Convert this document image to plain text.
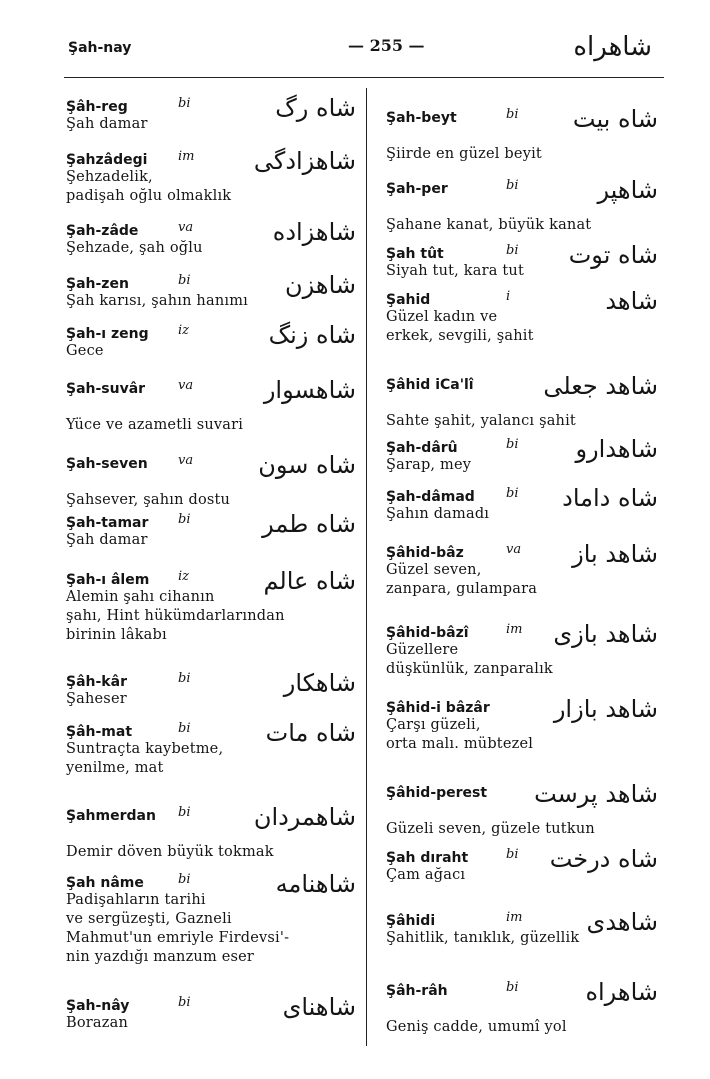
Şah-nay	— 255 —	شاهراه
Şâh-reg	bi	شاه رگ
Şah damar
Şahzâdegi im شاهزادگی
Şehzadelik,
padişah oğlu olmaklık
Şah-zâde	va	شاهزاده
Şehzade, şah oğlu
Şah-zen	bi	شاهزن
Şah karısı, şahın hanımı
Şah-ı zeng iz	شاه زنگ
Gece
Şah-suvâr	va	شاهسوار

Yüce ve azametli suvari
Şah-seven va	شاه سون

Şahsever, şahın dostu
Şah-tamar bi	شاه طمر
Şah damar
Şah-ı âlem iz	شاه عالم
Alemin şahı cihanın
şahı, Hint hükümdarlarından
birinin lâkabı
Şâh-kâr	bi	شاهکار
Şaheser
Şâh-mat	bi	شاه مات
Suntraçta kaybetme,
yenilme, mat
Şahmerdan bi	شاهمردان

Demir döven büyük tokmak
Şah nâme	bi	شاهنامه
Padişahların tarihi
ve sergüzeşti, Gazneli
Mahmut'un emriyle Firdevsi'-
nin yazdığı manzum eser
Şah-nây	bi	شاهنای
Borazan
Şah-beyt	bi شاه بیت

Şiirde en güzel beyit
Şah-per	bi	شاهپر

Şahane kanat, büyük kanat
Şah tût	bi شاه توت
Siyah tut, kara tut
Şahid	i	شاهد
Güzel kadın ve
erkek, sevgili, şahit
Şâhid iCa'lî	شاهد جعلی

Sahte şahit, yalancı şahit
Şah-dârû	bi شاهدارو
Şarap, mey
Şah-dâmad bi شاه داماد
Şahın damadı
Şâhid-bâz	va شاهد باز
Güzel seven,
zanpara, gulampara
Şâhid-bâzî	im شاهد بازی
Güzellere
düşkünlük, zanparalık
Şâhid-i bâzâr	شاهد بازار
Çarşı güzeli,
orta malı. mübtezel
Şâhid-perest شاهد پرست

Güzeli seven, güzele tutkun
Şah dıraht	bi شاه درخت
Çam ağacı
Şâhidi	im	شاهدی
Şahitlik, tanıklık, güzellik
Şâh-râh	bi	شاهراه

Geniş cadde, umumî yol
